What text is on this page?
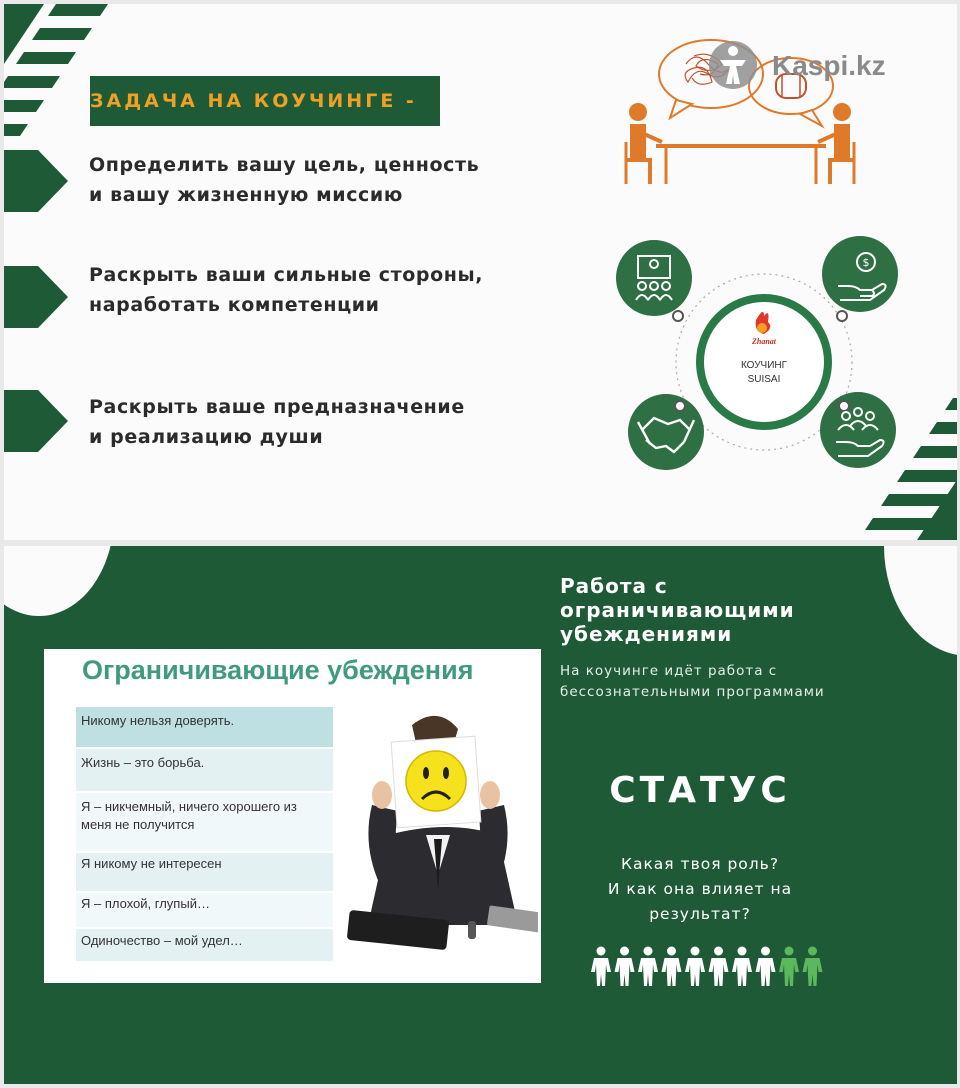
ЗАДАЧА НА КОУЧИНГЕ -
Определить вашу цель, ценность
и вашу жизненную миссию
Раскрыть ваши сильные стороны,
наработать компетенции
Раскрыть ваше предназначение
и реализацию души
Kaspi.kz
Zhanat
$
КОУЧИНГ
SUISAI
Ограничивающие убеждения
Никому нельзя доверять.
Жизнь – это борьба.
Я – никчемный, ничего хорошего из
меня не получится
Я никому не интересен
Я – плохой, глупый…
Одиночество – мой удел…
Работа с
ограничивающими
убеждениями
На коучинге идёт работа с
бессознательными программами
СТАТУС
Какая твоя роль?
И как она влияет на
результат?
